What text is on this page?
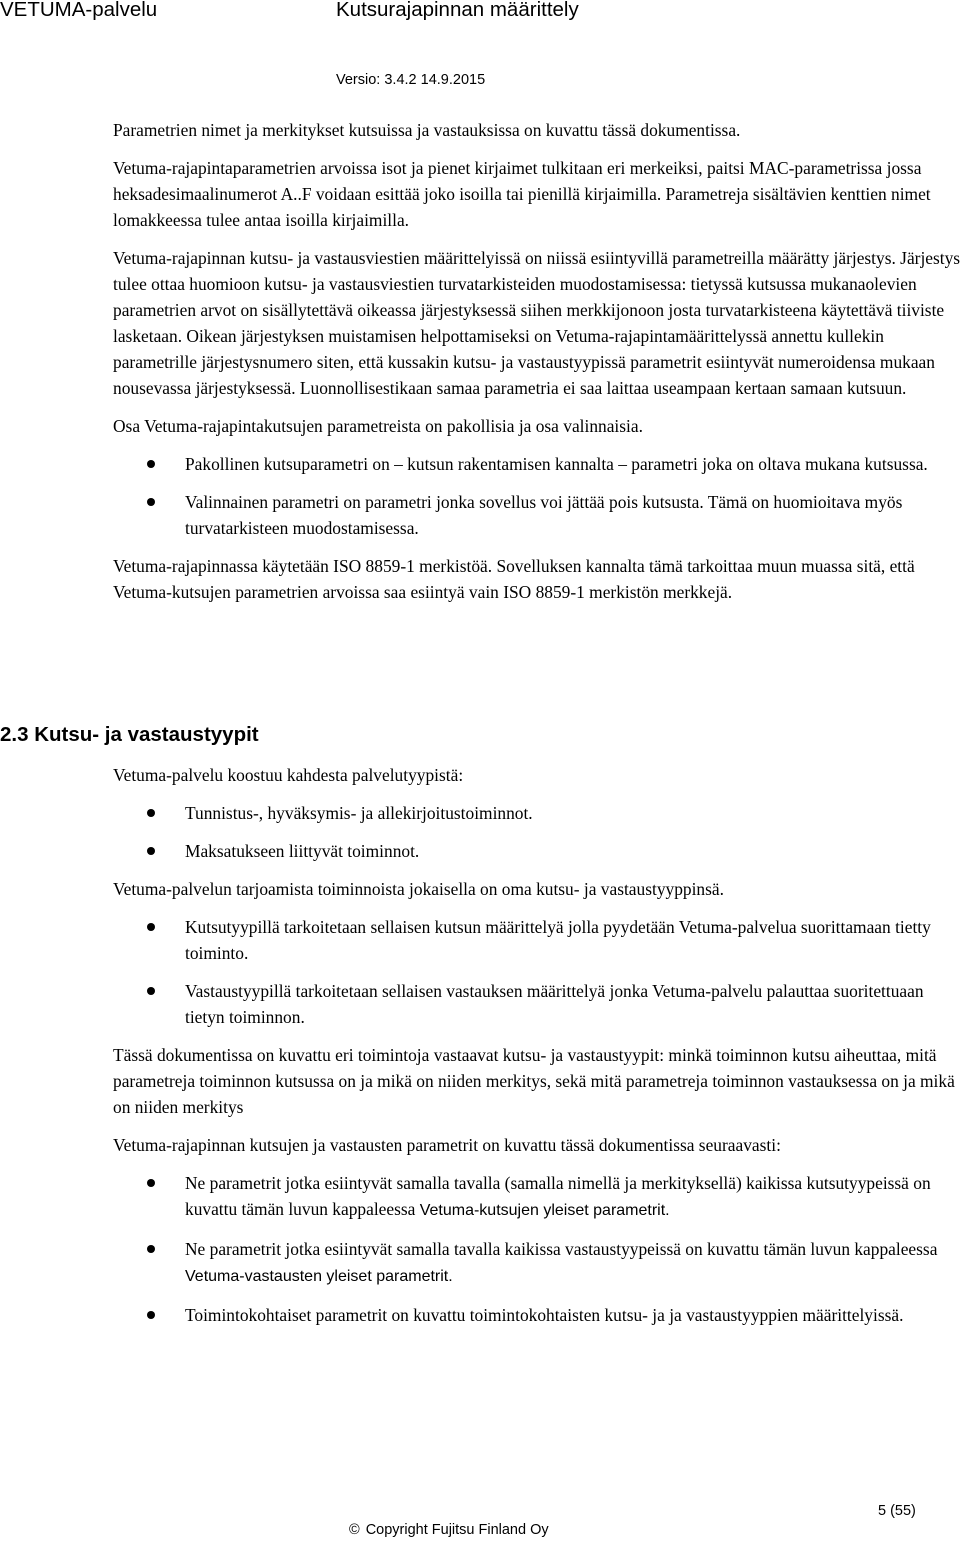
VETUMA-palvelu	Kutsurajapinnan määrittely
Versio: 3.4.2 14.9.2015

Parametrien nimet ja merkitykset kutsuissa ja vastauksissa on kuvattu tässä dokumentissa.

Vetuma-rajapintaparametrien arvoissa isot ja pienet kirjaimet tulkitaan eri merkeiksi, paitsi MAC-parametrissa jossa heksadesimaalinumerot A..F voidaan esittää joko isoilla tai pienillä kirjaimilla. Parametreja sisältävien kenttien nimet lomakkeessa tulee antaa isoilla kirjaimilla.

Vetuma-rajapinnan kutsu- ja vastausviestien määrittelyissä on niissä esiintyvillä parametreilla määrätty järjestys. Järjestys tulee ottaa huomioon kutsu- ja vastausviestien turvatarkisteiden muodostamisessa: tietyssä kutsussa mukanaolevien parametrien arvot on sisällytettävä oikeassa järjestyksessä siihen merkkijonoon josta turvatarkisteena käytettävä tiiviste lasketaan. Oikean järjestyksen muistamisen helpottamiseksi on Vetuma-rajapintamäärittelyssä annettu kullekin parametrille järjestysnumero siten, että kussakin kutsu- ja vastaustyypissä parametrit esiintyvät numeroidensa mukaan nousevassa järjestyksessä. Luonnollisestikaan samaa parametria ei saa laittaa useampaan kertaan samaan kutsuun.

Osa Vetuma-rajapintakutsujen parametreista on pakollisia ja osa valinnaisia.

Pakollinen kutsuparametri on – kutsun rakentamisen kannalta – parametri joka on oltava mukana kutsussa.
Valinnainen parametri on parametri jonka sovellus voi jättää pois kutsusta. Tämä on huomioitava myös turvatarkisteen muodostamisessa.

Vetuma-rajapinnassa käytetään ISO 8859-1 merkistöä. Sovelluksen kannalta tämä tarkoittaa muun muassa sitä, että Vetuma-kutsujen parametrien arvoissa saa esiintyä vain ISO 8859-1 merkistön merkkejä.

2.3 Kutsu- ja vastaustyypit

Vetuma-palvelu koostuu kahdesta palvelutyypistä:

Tunnistus-, hyväksymis- ja allekirjoitustoiminnot.
Maksatukseen liittyvät toiminnot.

Vetuma-palvelun tarjoamista toiminnoista jokaisella on oma kutsu- ja vastaustyyppinsä.

Kutsutyypillä tarkoitetaan sellaisen kutsun määrittelyä jolla pyydetään Vetuma-palvelua suorittamaan tietty toiminto.
Vastaustyypillä tarkoitetaan sellaisen vastauksen määrittelyä jonka Vetuma-palvelu palauttaa suoritettuaan tietyn toiminnon.

Tässä dokumentissa on kuvattu eri toimintoja vastaavat kutsu- ja vastaustyypit: minkä toiminnon kutsu aiheuttaa, mitä parametreja toiminnon kutsussa on ja mikä on niiden merkitys, sekä mitä parametreja toiminnon vastauksessa on ja mikä on niiden merkitys

Vetuma-rajapinnan kutsujen ja vastausten parametrit on kuvattu tässä dokumentissa seuraavasti:

Ne parametrit jotka esiintyvät samalla tavalla (samalla nimellä ja merkityksellä) kaikissa kutsutyypeissä on kuvattu tämän luvun kappaleessa Vetuma-kutsujen yleiset parametrit.
Ne parametrit jotka esiintyvät samalla tavalla kaikissa vastaustyypeissä on kuvattu tämän luvun kappaleessa Vetuma-vastausten yleiset parametrit.
Toimintokohtaiset parametrit on kuvattu toimintokohtaisten kutsu- ja ja vastaustyyppien määrittelyissä.
5 (55)
© Copyright Fujitsu Finland Oy
